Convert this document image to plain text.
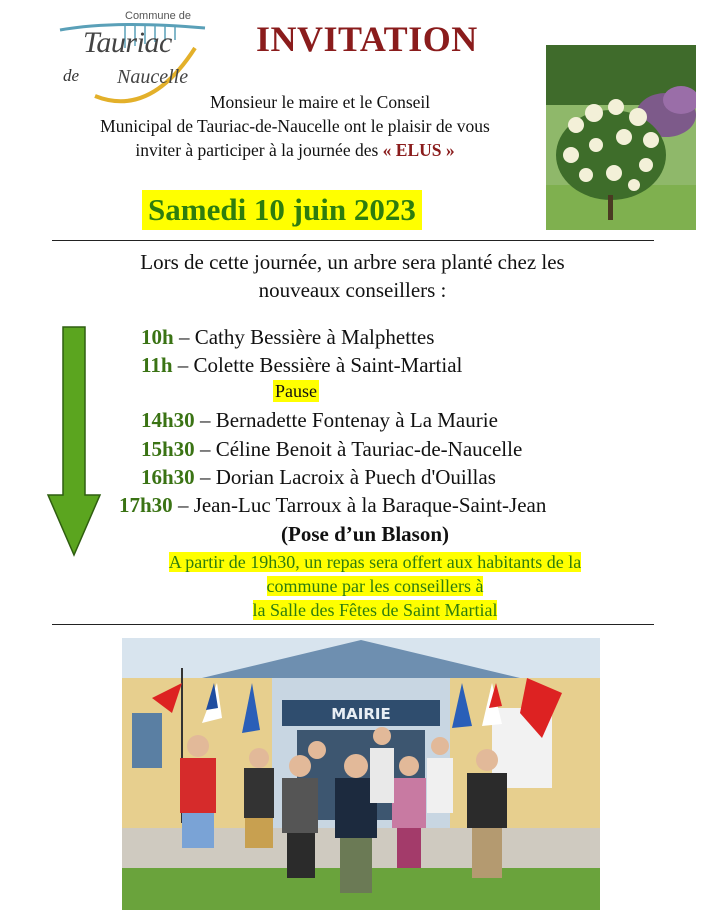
Commune de
Tauriac
de Naucelle
INVITATION
Monsieur le maire et le Conseil
Municipal de Tauriac-de-Naucelle ont le plaisir de vous
inviter à participer à la journée des « ELUS »
Samedi 10 juin 2023
Lors de cette journée, un arbre sera planté chez les
nouveaux conseillers :
10h – Cathy Bessière à Malphettes
11h – Colette Bessière à Saint-Martial
Pause
14h30 – Bernadette Fontenay à La Maurie
15h30 – Céline Benoit à Tauriac-de-Naucelle
16h30 – Dorian Lacroix à Puech d'Ouillas
17h30 – Jean-Luc Tarroux à la Baraque-Saint-Jean
(Pose d’un Blason)
A partir de 19h30, un repas sera offert aux habitants de la
commune par les conseillers à
la Salle des Fêtes de Saint Martial
MAIRIE
